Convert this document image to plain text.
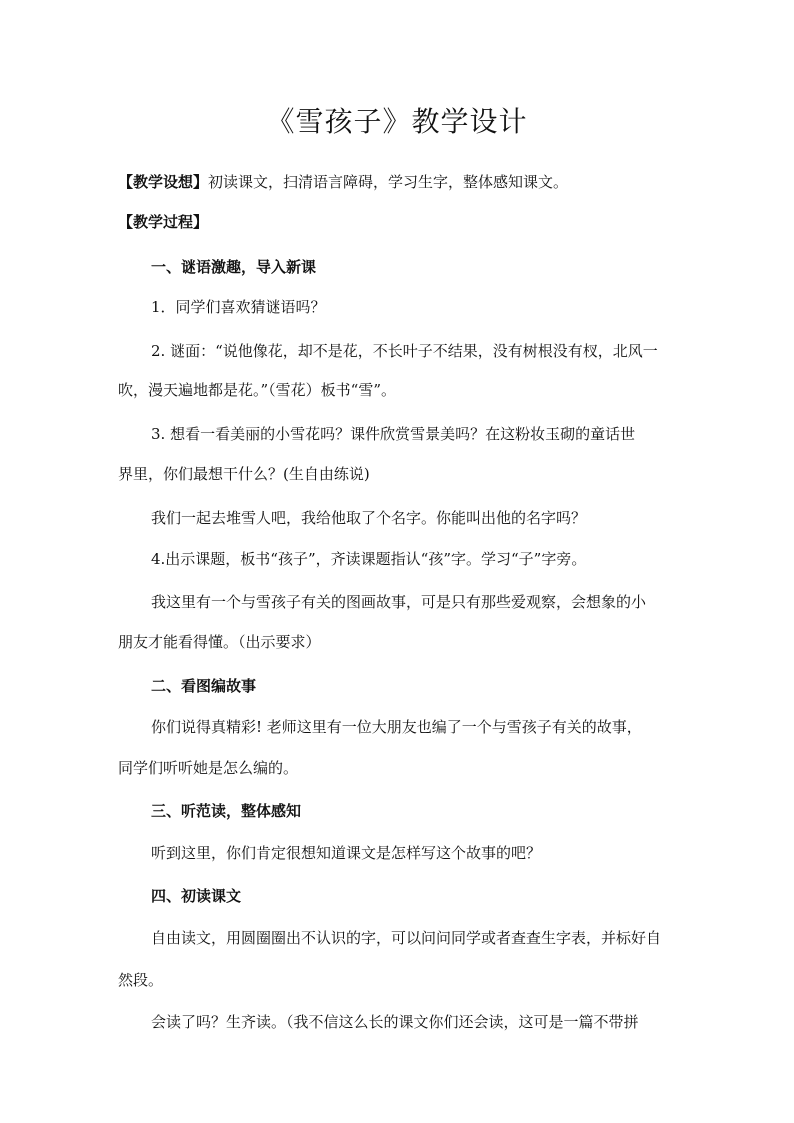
《雪孩子》教学设计
【教学设想】初读课文，扫清语言障碍，学习生字，整体感知课文。
【教学过程】
一、谜语激趣，导入新课
1．同学们喜欢猜谜语吗？
2. 谜面：“说他像花，却不是花，不长叶子不结果，没有树根没有杈，北风一
吹，漫天遍地都是花。”（雪花）板书“雪”。
3. 想看一看美丽的小雪花吗？课件欣赏雪景美吗？在这粉妆玉砌的童话世
界里，你们最想干什么？(生自由练说)
我们一起去堆雪人吧，我给他取了个名字。你能叫出他的名字吗？
4.出示课题，板书“孩子”，齐读课题指认“孩”字。学习“子”字旁。
我这里有一个与雪孩子有关的图画故事，可是只有那些爱观察，会想象的小
朋友才能看得懂。（出示要求）
二、看图编故事
你们说得真精彩! 老师这里有一位大朋友也编了一个与雪孩子有关的故事，
同学们听听她是怎么编的。
三、听范读，整体感知
听到这里，你们肯定很想知道课文是怎样写这个故事的吧？
四、初读课文
自由读文，用圆圈圈出不认识的字，可以问问同学或者查查生字表，并标好自
然段。
会读了吗？生齐读。（我不信这么长的课文你们还会读，这可是一篇不带拼
